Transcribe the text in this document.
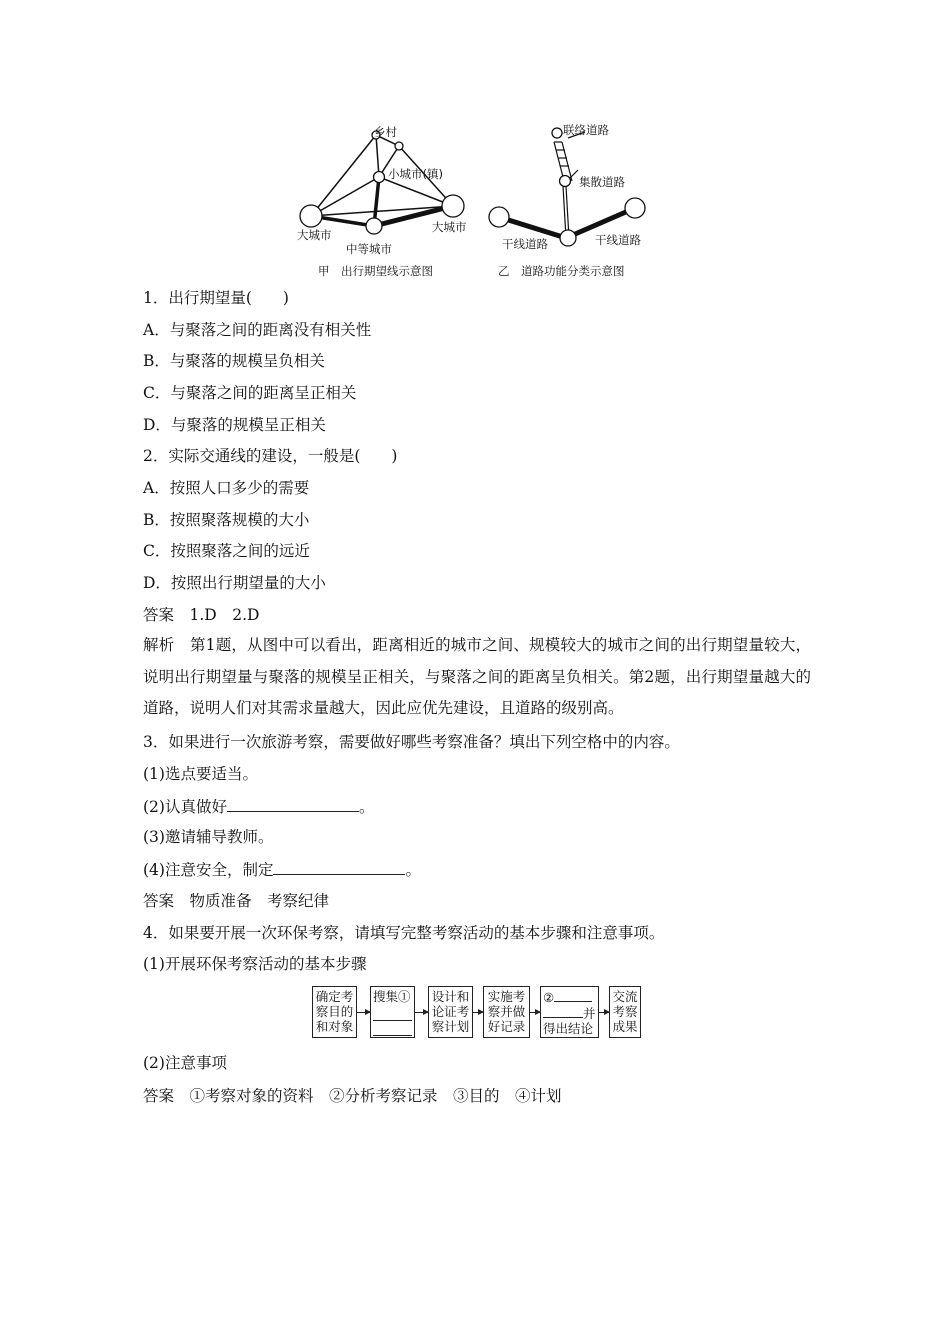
乡村
小城市(镇)
大城市
大城市
中等城市
甲　出行期望线示意图
联络道路
集散道路
干线道路	干线道路
乙　道路功能分类示意图
1．出行期望量(　　)
A．与聚落之间的距离没有相关性
B．与聚落的规模呈负相关
C．与聚落之间的距离呈正相关
D．与聚落的规模呈正相关
2．实际交通线的建设，一般是(　　)
A．按照人口多少的需要
B．按照聚落规模的大小
C．按照聚落之间的远近
D．按照出行期望量的大小
答案　1.D　2.D
解析　第1题，从图中可以看出，距离相近的城市之间、规模较大的城市之间的出行期望量较大，说明出行期望量与聚落的规模呈正相关，与聚落之间的距离呈负相关。第2题，出行期望量越大的道路，说明人们对其需求量越大，因此应优先建设，且道路的级别高。
3．如果进行一次旅游考察，需要做好哪些考察准备？填出下列空格中的内容。
(1)选点要适当。
(2)认真做好	。
(3)邀请辅导教师。
(4)注意安全，制定	。
答案　物质准备　考察纪律
4．如果要开展一次环保考察，请填写完整考察活动的基本步骤和注意事项。
(1)开展环保考察活动的基本步骤
确定考
察目的
和对象
搜集① 设计和
论证考
察计划
实施考
察并做
好记录
②
并
得出结论
交流
考察
成果
(2)注意事项
答案　①考察对象的资料　②分析考察记录　③目的　④计划
